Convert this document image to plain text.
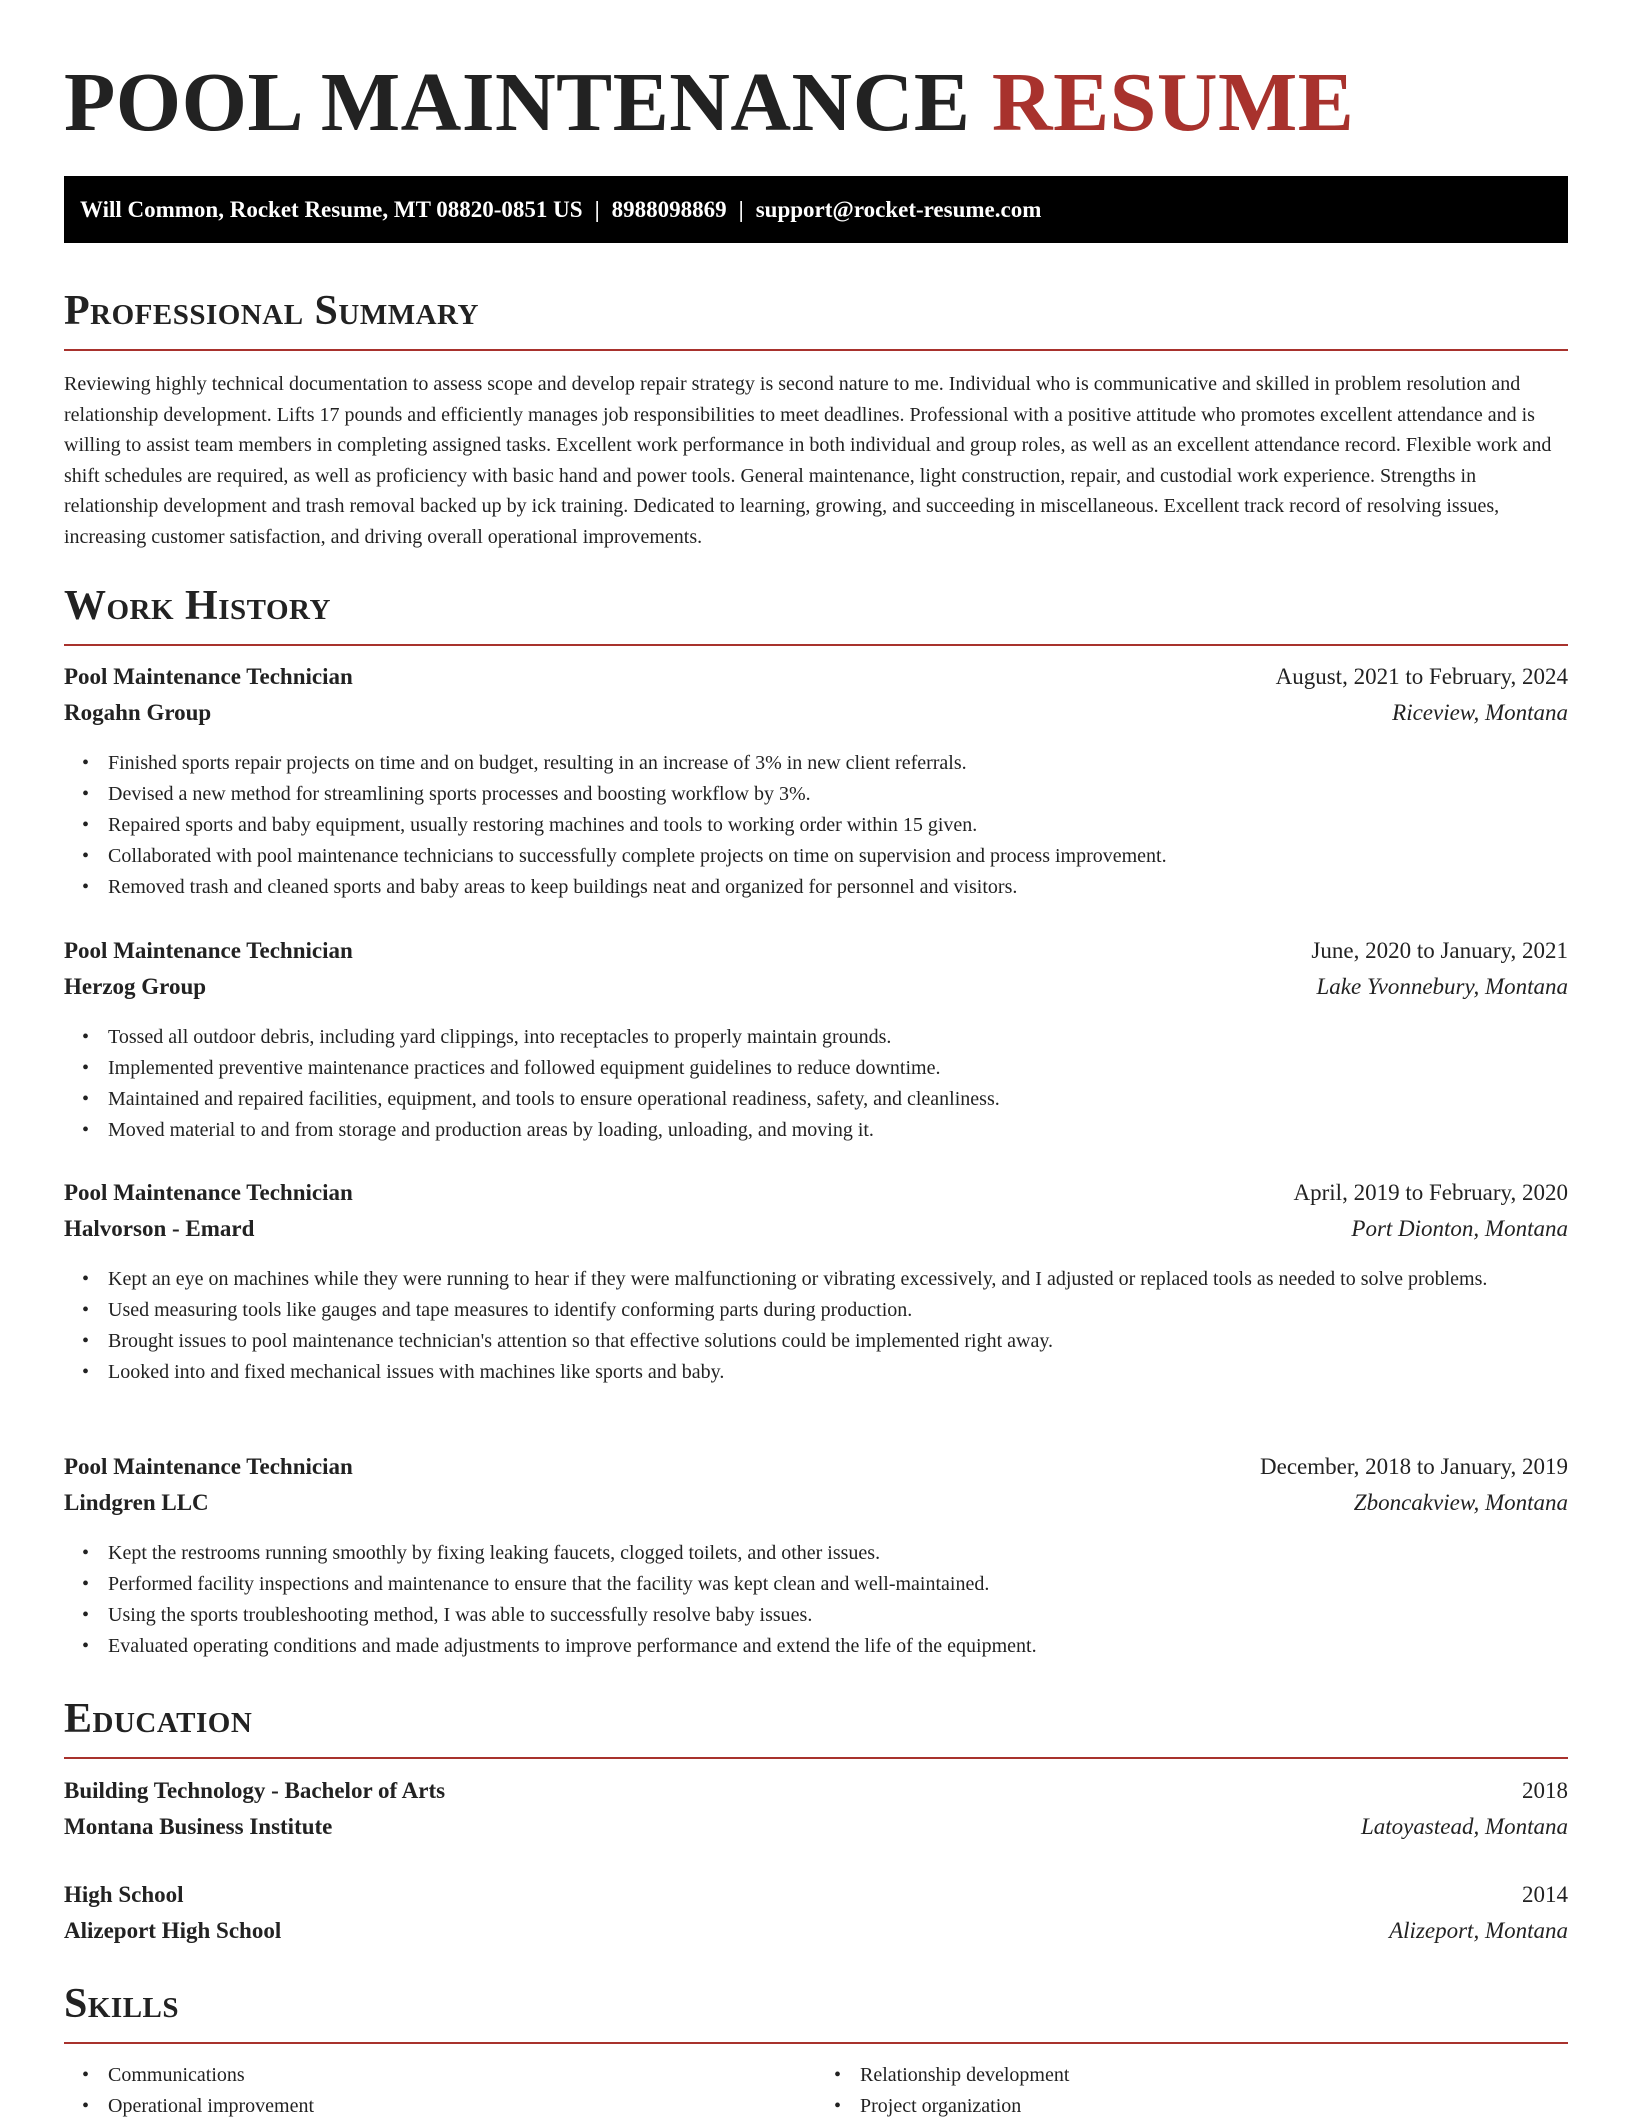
POOL MAINTENANCE RESUME
Will Common, Rocket Resume, MT 08820-0851 US | 8988098869 | support@rocket-resume.com
Professional Summary

Reviewing highly technical documentation to assess scope and develop repair strategy is second nature to me. Individual who is communicative and skilled in problem resolution and relationship development. Lifts 17 pounds and efficiently manages job responsibilities to meet deadlines. Professional with a positive attitude who promotes excellent attendance and is willing to assist team members in completing assigned tasks. Excellent work performance in both individual and group roles, as well as an excellent attendance record. Flexible work and shift schedules are required, as well as proficiency with basic hand and power tools. General maintenance, light construction, repair, and custodial work experience. Strengths in relationship development and trash removal backed up by ick training. Dedicated to learning, growing, and succeeding in miscellaneous. Excellent track record of resolving issues, increasing customer satisfaction, and driving overall operational improvements.

Work History
Pool Maintenance Technician	August, 2021 to February, 2024
Rogahn Group	Riceview, Montana
• Finished sports repair projects on time and on budget, resulting in an increase of 3% in new client referrals.
• Devised a new method for streamlining sports processes and boosting workflow by 3%.
• Repaired sports and baby equipment, usually restoring machines and tools to working order within 15 given.
• Collaborated with pool maintenance technicians to successfully complete projects on time on supervision and process improvement.
• Removed trash and cleaned sports and baby areas to keep buildings neat and organized for personnel and visitors.
Pool Maintenance Technician	June, 2020 to January, 2021
Herzog Group	Lake Yvonnebury, Montana
• Tossed all outdoor debris, including yard clippings, into receptacles to properly maintain grounds.
• Implemented preventive maintenance practices and followed equipment guidelines to reduce downtime.
• Maintained and repaired facilities, equipment, and tools to ensure operational readiness, safety, and cleanliness.
• Moved material to and from storage and production areas by loading, unloading, and moving it.
Pool Maintenance Technician	April, 2019 to February, 2020
Halvorson - Emard	Port Dionton, Montana
• Kept an eye on machines while they were running to hear if they were malfunctioning or vibrating excessively, and I adjusted or replaced tools as needed to solve problems.
• Used measuring tools like gauges and tape measures to identify conforming parts during production.
• Brought issues to pool maintenance technician's attention so that effective solutions could be implemented right away.
• Looked into and fixed mechanical issues with machines like sports and baby.
Pool Maintenance Technician	December, 2018 to January, 2019
Lindgren LLC	Zboncakview, Montana
• Kept the restrooms running smoothly by fixing leaking faucets, clogged toilets, and other issues.
• Performed facility inspections and maintenance to ensure that the facility was kept clean and well-maintained.
• Using the sports troubleshooting method, I was able to successfully resolve baby issues.
• Evaluated operating conditions and made adjustments to improve performance and extend the life of the equipment.
Education
Building Technology - Bachelor of Arts	2018
Montana Business Institute	Latoyastead, Montana
High School	2014
Alizeport High School	Alizeport, Montana
Skills
• Communications
• Operational improvement
• Relationship development
• Project organization
